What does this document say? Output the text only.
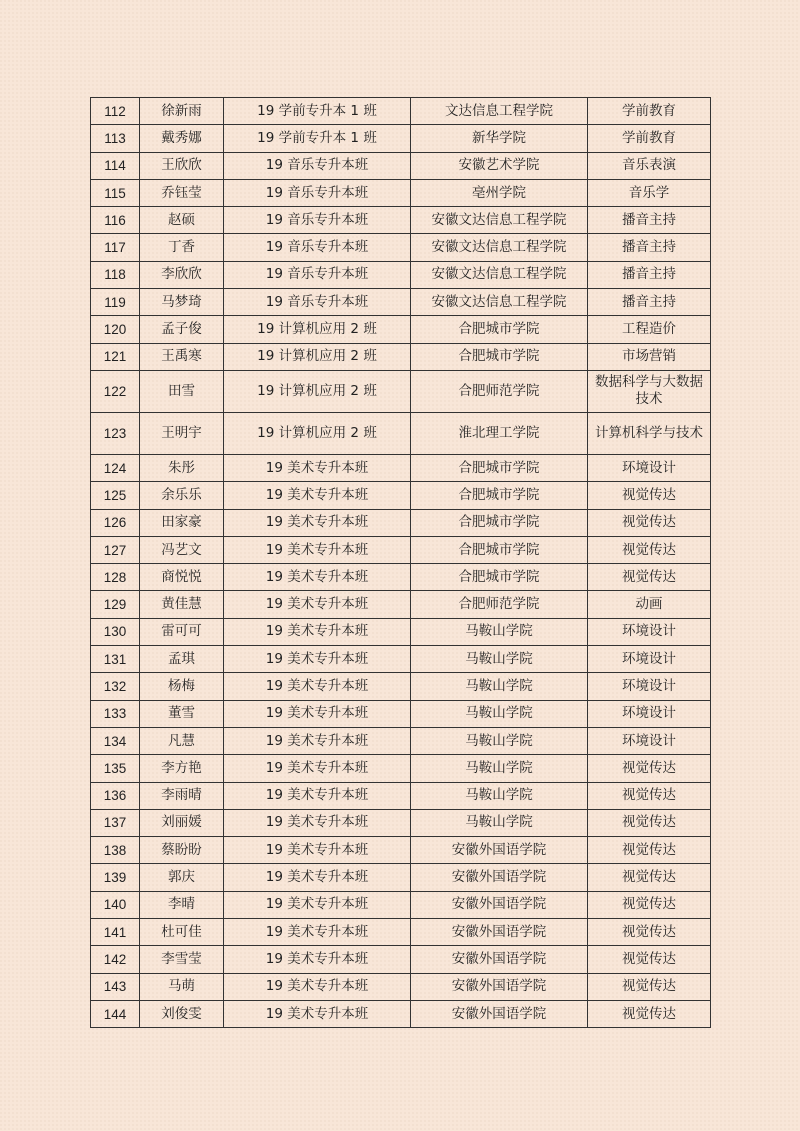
112	徐新雨	19 学前专升本 1 班	文达信息工程学院	学前教育
113	戴秀娜	19 学前专升本 1 班	新华学院	学前教育
114	王欣欣	19 音乐专升本班	安徽艺术学院	音乐表演
115	乔钰莹	19 音乐专升本班	亳州学院	音乐学
116	赵硕	19 音乐专升本班	安徽文达信息工程学院	播音主持
117	丁香	19 音乐专升本班	安徽文达信息工程学院	播音主持
118	李欣欣	19 音乐专升本班	安徽文达信息工程学院	播音主持
119	马梦琦	19 音乐专升本班	安徽文达信息工程学院	播音主持
120	孟子俊	19 计算机应用 2 班	合肥城市学院	工程造价
121	王禹寒	19 计算机应用 2 班	合肥城市学院	市场营销
122	田雪	19 计算机应用 2 班	合肥师范学院	数据科学与大数据技术
123	王明宇	19 计算机应用 2 班	淮北理工学院	计算机科学与技术
124	朱彤	19 美术专升本班	合肥城市学院	环境设计
125	余乐乐	19 美术专升本班	合肥城市学院	视觉传达
126	田家豪	19 美术专升本班	合肥城市学院	视觉传达
127	冯艺文	19 美术专升本班	合肥城市学院	视觉传达
128	商悦悦	19 美术专升本班	合肥城市学院	视觉传达
129	黄佳慧	19 美术专升本班	合肥师范学院	动画
130	雷可可	19 美术专升本班	马鞍山学院	环境设计
131	孟琪	19 美术专升本班	马鞍山学院	环境设计
132	杨梅	19 美术专升本班	马鞍山学院	环境设计
133	董雪	19 美术专升本班	马鞍山学院	环境设计
134	凡慧	19 美术专升本班	马鞍山学院	环境设计
135	李方艳	19 美术专升本班	马鞍山学院	视觉传达
136	李雨晴	19 美术专升本班	马鞍山学院	视觉传达
137	刘丽媛	19 美术专升本班	马鞍山学院	视觉传达
138	蔡盼盼	19 美术专升本班	安徽外国语学院	视觉传达
139	郭庆	19 美术专升本班	安徽外国语学院	视觉传达
140	李晴	19 美术专升本班	安徽外国语学院	视觉传达
141	杜可佳	19 美术专升本班	安徽外国语学院	视觉传达
142	李雪莹	19 美术专升本班	安徽外国语学院	视觉传达
143	马萌	19 美术专升本班	安徽外国语学院	视觉传达
144	刘俊雯	19 美术专升本班	安徽外国语学院	视觉传达
